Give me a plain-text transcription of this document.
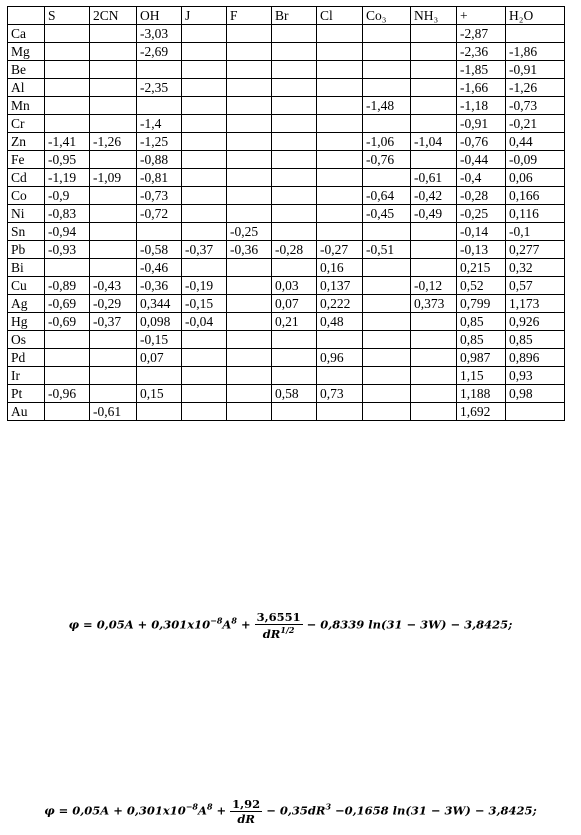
	S	2CN	OH	J	F	Br	Cl	Co₃	NH₃	+	H₂O
Ca			-3,03							-2,87	
Mg			-2,69							-2,36	-1,86
Be										-1,85	-0,91
Al			-2,35							-1,66	-1,26
Mn								-1,48		-1,18	-0,73
Cr			-1,4							-0,91	-0,21
Zn	-1,41	-1,26	-1,25					-1,06	-1,04	-0,76	0,44
Fe	-0,95		-0,88					-0,76		-0,44	-0,09
Cd	-1,19	-1,09	-0,81						-0,61	-0,4	0,06
Co	-0,9		-0,73					-0,64	-0,42	-0,28	0,166
Ni	-0,83		-0,72					-0,45	-0,49	-0,25	0,116
Sn	-0,94				-0,25					-0,14	-0,1
Pb	-0,93		-0,58	-0,37	-0,36	-0,28	-0,27	-0,51		-0,13	0,277
Bi			-0,46				0,16			0,215	0,32
Cu	-0,89	-0,43	-0,36	-0,19		0,03	0,137		-0,12	0,52	0,57
Ag	-0,69	-0,29	0,344	-0,15		0,07	0,222		0,373	0,799	1,173
Hg	-0,69	-0,37	0,098	-0,04		0,21	0,48			0,85	0,926
Os			-0,15							0,85	0,85
Pd			0,07				0,96			0,987	0,896
Ir										1,15	0,93
Pt	-0,96		0,15			0,58	0,73			1,188	0,98
Au		-0,61								1,692	
$\varphi = 0,05A + 0,301x10^{-8}A^8 + \frac{3,6551}{dR^{1/2}} - 0,8339$ ln(31 − 3W) − 3,8425;
$\varphi = 0,05A + 0,301x10^{-8}A^8 + \frac{1,92}{dR} - 0,35dR^3 -0,1658$ ln(31 − 3W) − 3,8425;
